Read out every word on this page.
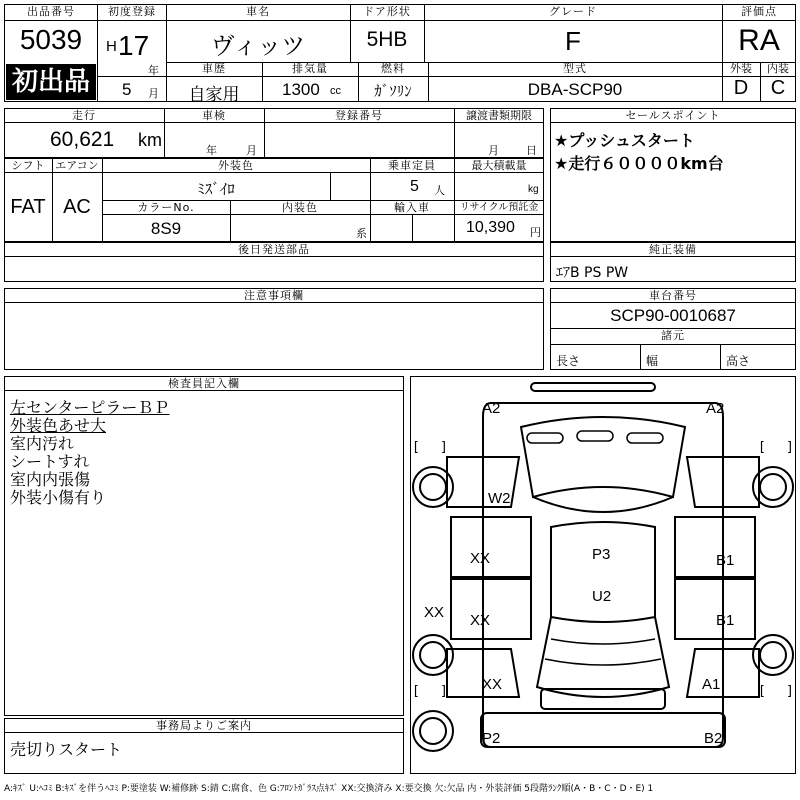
出品番号
5039
初出品
初度登録
H 17
年
5 月
車名
ヴィッツ
ドア形状
5HB
グレード
F
評価点
RA
車歴
自家用
排気量
1300 cc
燃料
ｶﾞｿﾘﾝ
型式
DBA-SCP90
外装
D
内装
C
走行
60,621 km
車検
年	月
登録番号	譲渡書類期限
月 日
セールスポイント
★プッシュスタート
★走行６００００km台
シフト
FAT
エアコン
AC
外装色
ﾐｽﾞｲﾛ
乗車定員
5 人
最大積載量
kg
カラーNo.
8S9
内装色
系
輸入車	リサイクル預託金
10,390 円
後日発送部品	純正装備
ｴｱB PS PW
注意事項欄	車台番号
SCP90-0010687
諸元
長さ	幅	高さ
検査員記入欄
左センターピラーＢＰ
外装色あせ大
室内汚れ
シートすれ
室内内張傷
外装小傷有り
事務局よりご案内
売切りスタート
[ ]	[ ]
[ ]	[ ]
A2	A2
W2
XX
XX
XX
XX
P3
U2
B1
B1
A1
P2	B2
A:ｷｽﾞ U:ﾍｺﾐ B:ｷｽﾞを伴うﾍｺﾐ P:要塗装 W:補修跡 S:錆 C:腐食、色 G:ﾌﾛﾝﾄｶﾞﾗｽ点ｷｽﾞ XX:交換済み X:要交換 欠:欠品 内・外装評価 5段階ﾗﾝｸ順(A・B・C・D・E) 1
